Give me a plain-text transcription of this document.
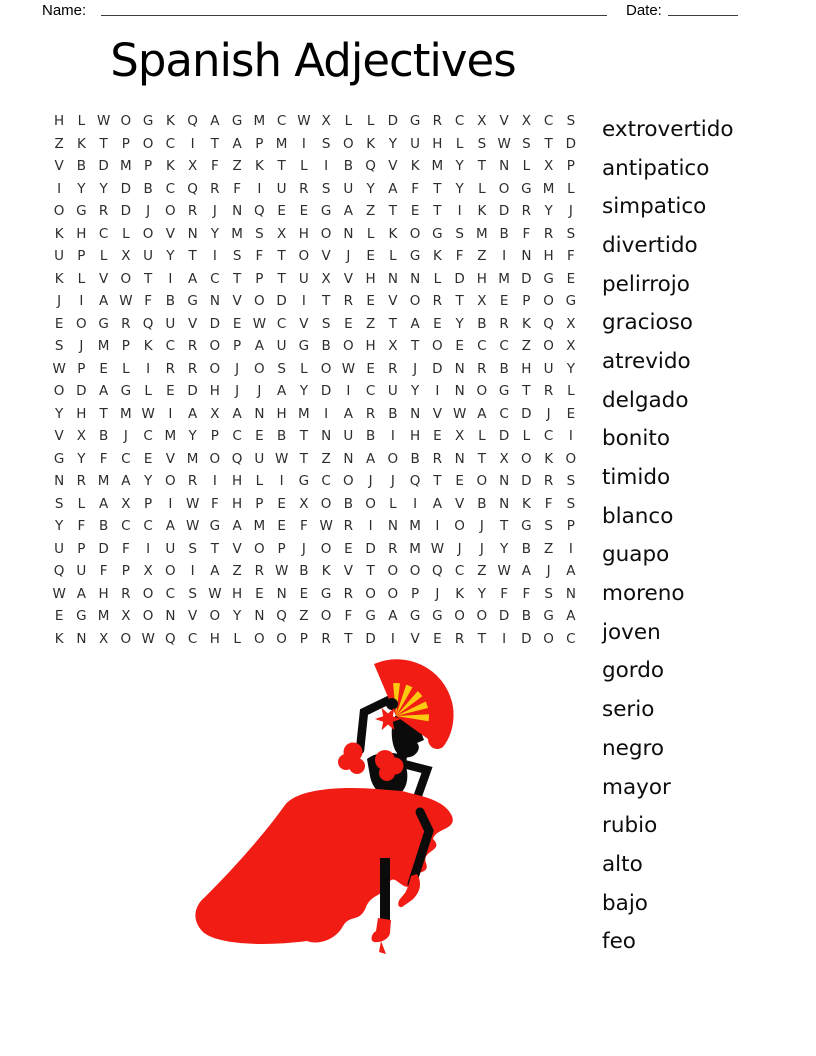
Name:	Date:
Spanish Adjectives
H L W O G K Q A G M C W X	L	L D G R C X V X C S
Z K	T	P O C	I	T	A	P M	I	S O K	Y U H L	S W S	T D
V B D M P	K X	F	Z K	T	L	I	B Q V K M Y	T N L	X	P
I	Y	Y D B C Q R	F	I	U R S U Y	A	F	T	Y	L O G M L
O G R D	J	O R	J	N Q E	E G A Z	T	E	T	I	K D R Y	J
K H C	L O V N Y M S X H O N L	K O G S M B	F	R S
U P	L	X U Y	T	I	S	F	T O V	J	E	L G K	F	Z	I	N H F
K	L	V O T	I	A C T	P	T U X V H N N L D H M D G E
J	I	A W F	B G N V O D	I	T R E V O R T	X E	P O G
E O G R Q U V D E W C V S	E Z	T	A E	Y B R K Q X
S	J	M P	K C R O P	A U G B O H X	T O E C C Z O X
W P	E	L	I	R R O	J	O S	L O W E R	J	D N R B H U Y
O D A G L	E D H	J	J	A	Y D	I	C U Y	I	N O G T R	L
Y H T M W	I	A X A N H M	I	A R B N V W A C D	J	E
V X B	J	C M Y	P C E B	T N U B	I	H E X	L D L	C	I
G Y	F	C E V M O Q U W T	Z N A O B R N T	X O K O
N R M A	Y O R	I	H L	I	G C O	J	J	Q T	E O N D R S
S	L	A X	P	I	W F H P	E X O B O L	I	A V B N K	F	S
Y	F	B C C A W G A M E	F W R	I	N M	I	O	J	T G S	P
U P D F	I	U S	T	V O P	J	O E D R M W	J	J	Y B Z	I
Q U F	P	X O	I	A Z R W B K V	T O O Q C Z W A	J	A
W A H R O C S W H E N E G R O O P	J	K	Y	F	F	S N
E G M X O N V O Y N Q Z O F G A G G O O D B G A
K N X O W Q C H L O O P R T D	I	V E R T	I	D O C
extrovertido
antipatico
simpatico
divertido
pelirrojo
gracioso
atrevido
delgado
bonito
timido
blanco
guapo
moreno
joven
gordo
serio
negro
mayor
rubio
alto
bajo
feo
